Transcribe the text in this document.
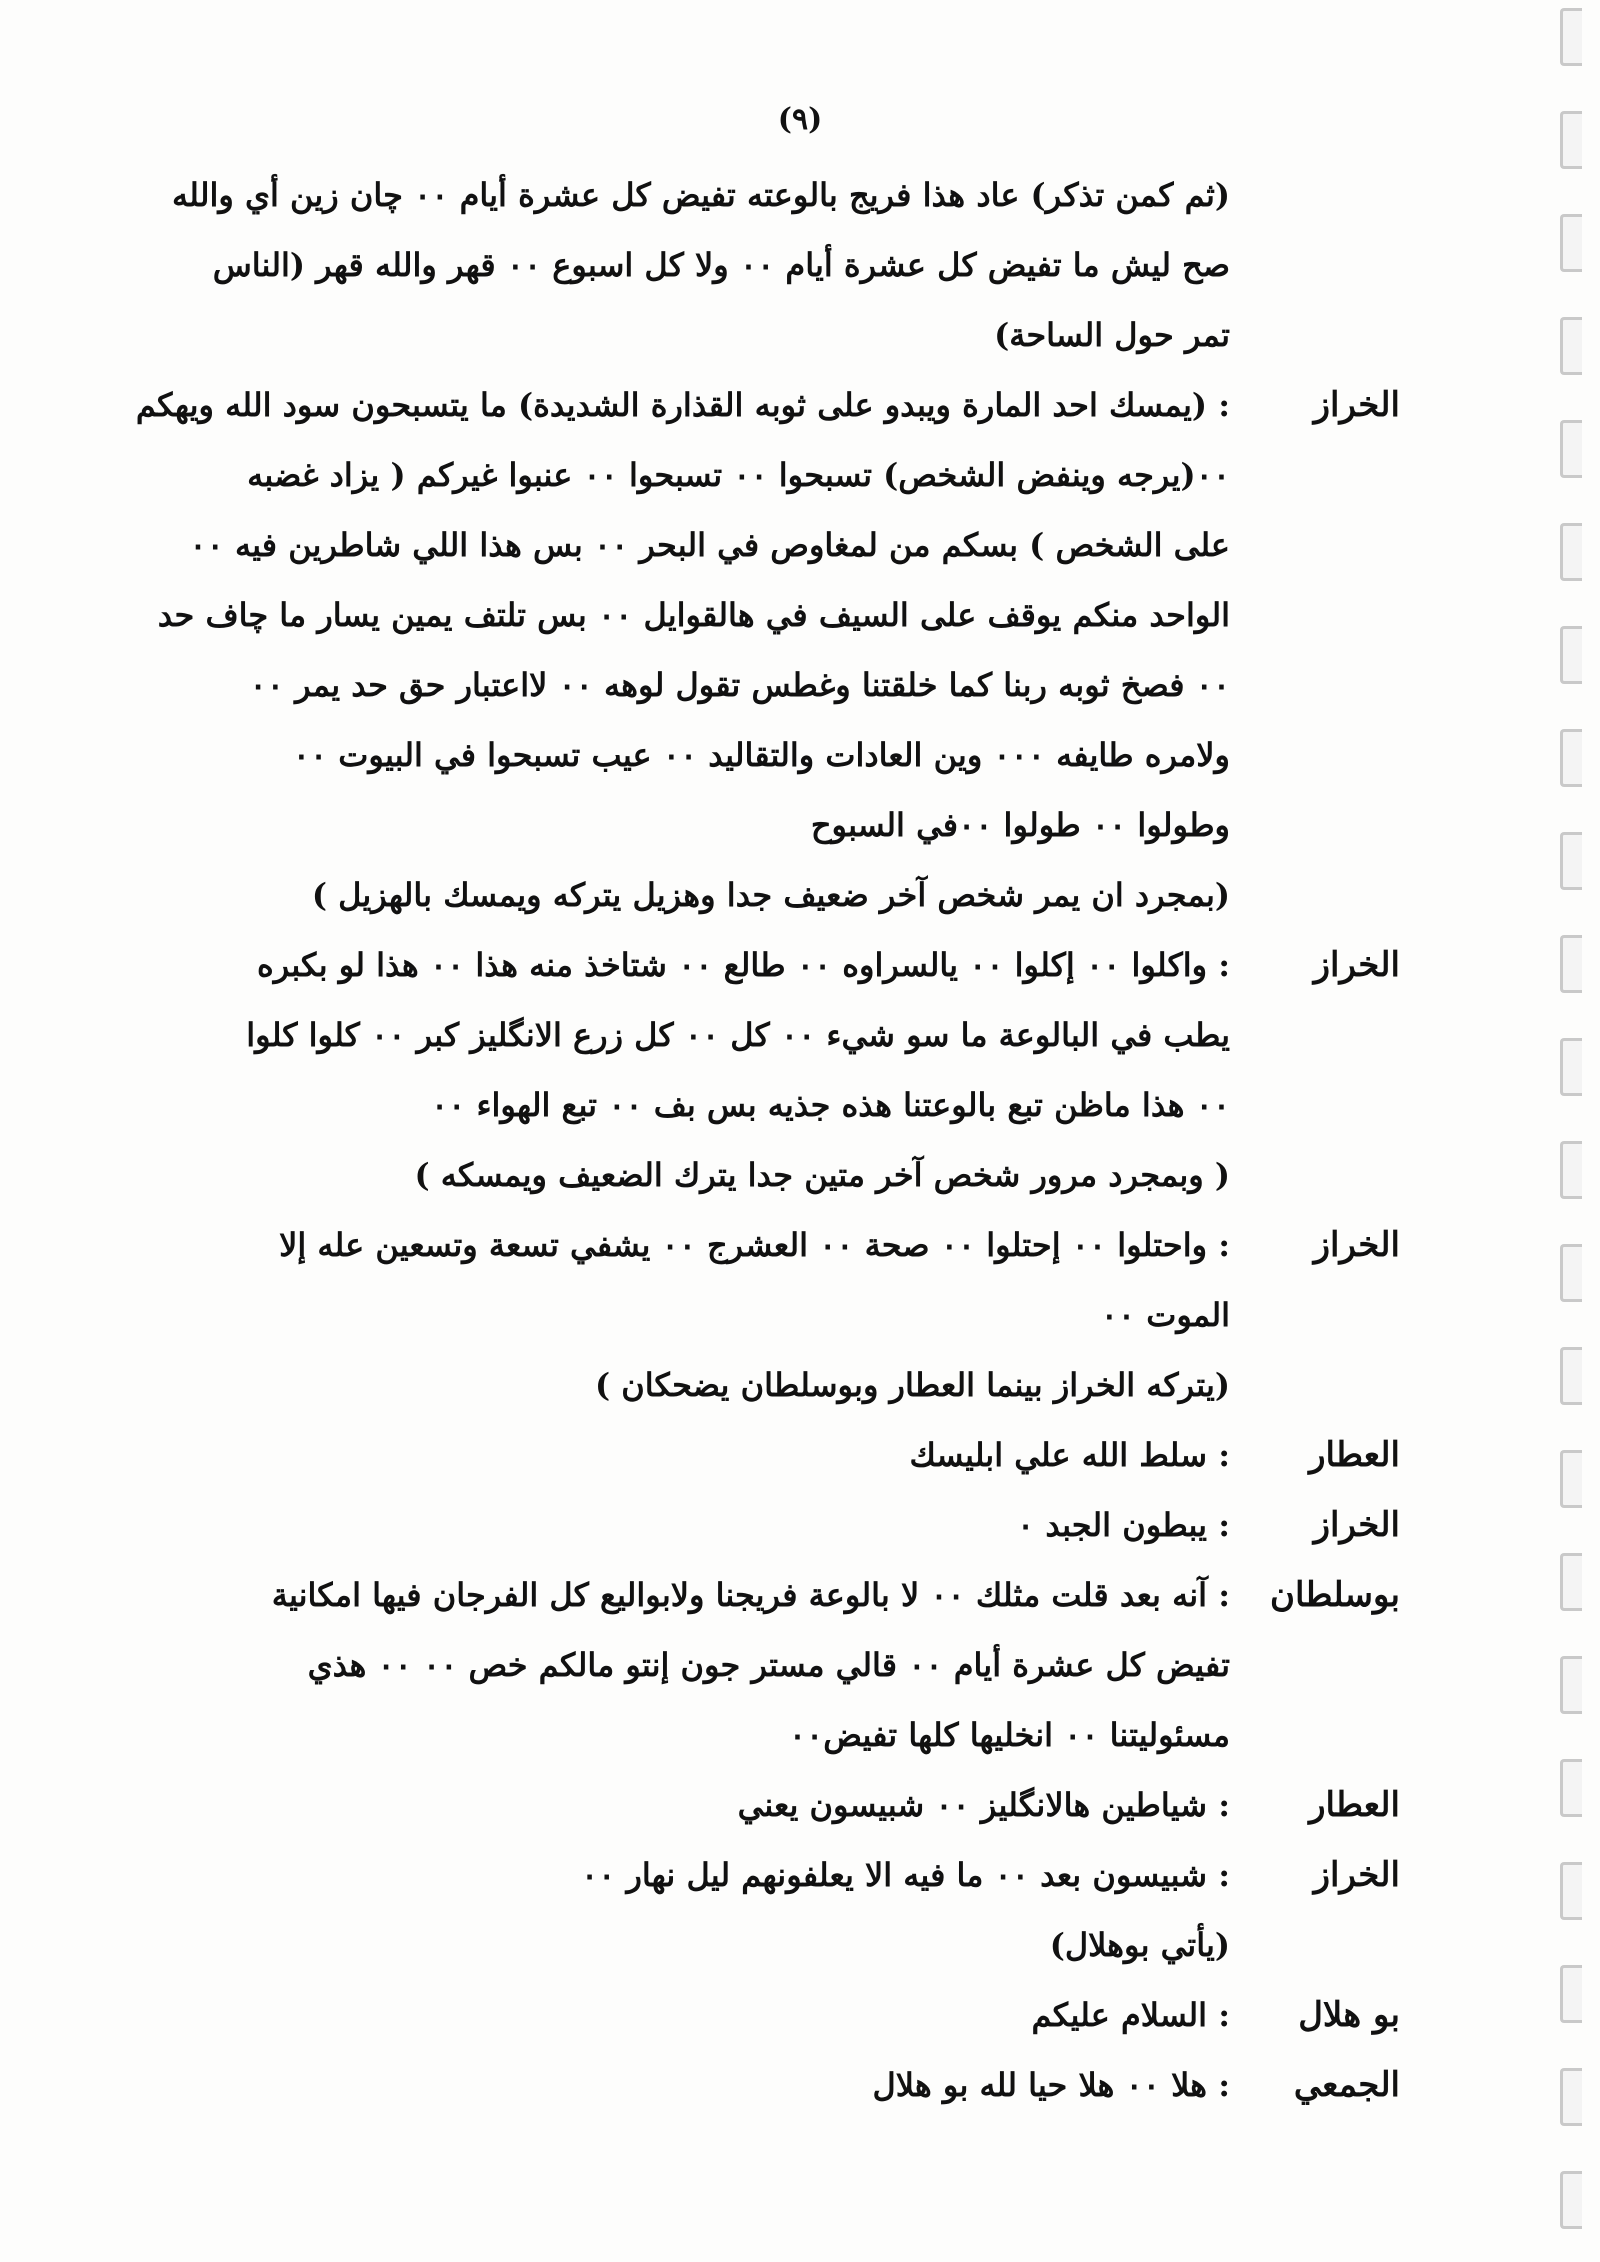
(٩)
(ثم كمن تذكر) عاد هذا فريج بالوعته تفيض كل عشرة أيام ٠٠ چان زين أي والله
صح ليش ما تفيض كل عشرة أيام ٠٠ ولا كل اسبوع ٠٠ قهر والله قهر (الناس
تمر حول الساحة)
الخراز
: (يمسك احد المارة ويبدو على ثوبه القذارة الشديدة) ما يتسبحون سود الله ويهكم
٠٠(يرجه وينفض الشخص) تسبحوا ٠٠ تسبحوا ٠٠ عنبوا غيركم ( يزاد غضبه
على الشخص ) بسكم من لمغاوص في البحر ٠٠ بس هذا اللي شاطرين فيه ٠٠
الواحد منكم يوقف على السيف في هالقوايل ٠٠ بس تلتف يمين يسار ما چاف حد
٠٠ فصخ ثوبه ربنا كما خلقتنا وغطس تقول لوهه ٠٠ لااعتبار حق حد يمر ٠٠
ولامره طايفه ٠٠٠ وين العادات والتقاليد ٠٠ عيب تسبحوا في البيوت ٠٠
وطولوا ٠٠ طولوا ٠٠في السبوح
(بمجرد ان يمر شخص آخر ضعيف جدا وهزيل يتركه ويمسك بالهزيل )
الخراز
: واكلوا ٠٠ إكلوا ٠٠ يالسراوه ٠٠ طالع ٠٠ شتاخذ منه هذا ٠٠ هذا لو بكبره
يطب في البالوعة ما سو شيء ٠٠ كل ٠٠ كل زرع الانگليز كبر ٠٠ كلوا كلوا
٠٠ هذا ماظن تبع بالوعتنا هذه جذيه بس بف ٠٠ تبع الهواء ٠٠
( وبمجرد مرور شخص آخر متين جدا يترك الضعيف ويمسكه )
الخراز
: واحتلوا ٠٠ إحتلوا ٠٠ صحة ٠٠ العشرج ٠٠ يشفي تسعة وتسعين عله إلا
الموت ٠٠
(يتركه الخراز بينما العطار وبوسلطان يضحكان )
العطار
: سلط الله علي ابليسك
الخراز
: يبطون الجبد ٠
بوسلطان
: آنه بعد قلت مثلك ٠٠ لا بالوعة فريجنا ولابواليع كل الفرجان فيها امكانية
تفيض كل عشرة أيام ٠٠ قالي مستر جون إنتو مالكم خص ٠٠ ٠٠ هذي
مسئوليتنا ٠٠ انخليها كلها تفيض٠٠
العطار
: شياطين هالانگليز ٠٠ شبيسون يعني
الخراز
: شبيسون بعد ٠٠ ما فيه الا يعلفونهم ليل نهار ٠٠
(يأتي بوهلال)
بو هلال
: السلام عليكم
الجمعي
: هلا ٠٠ هلا حيا لله بو هلال
